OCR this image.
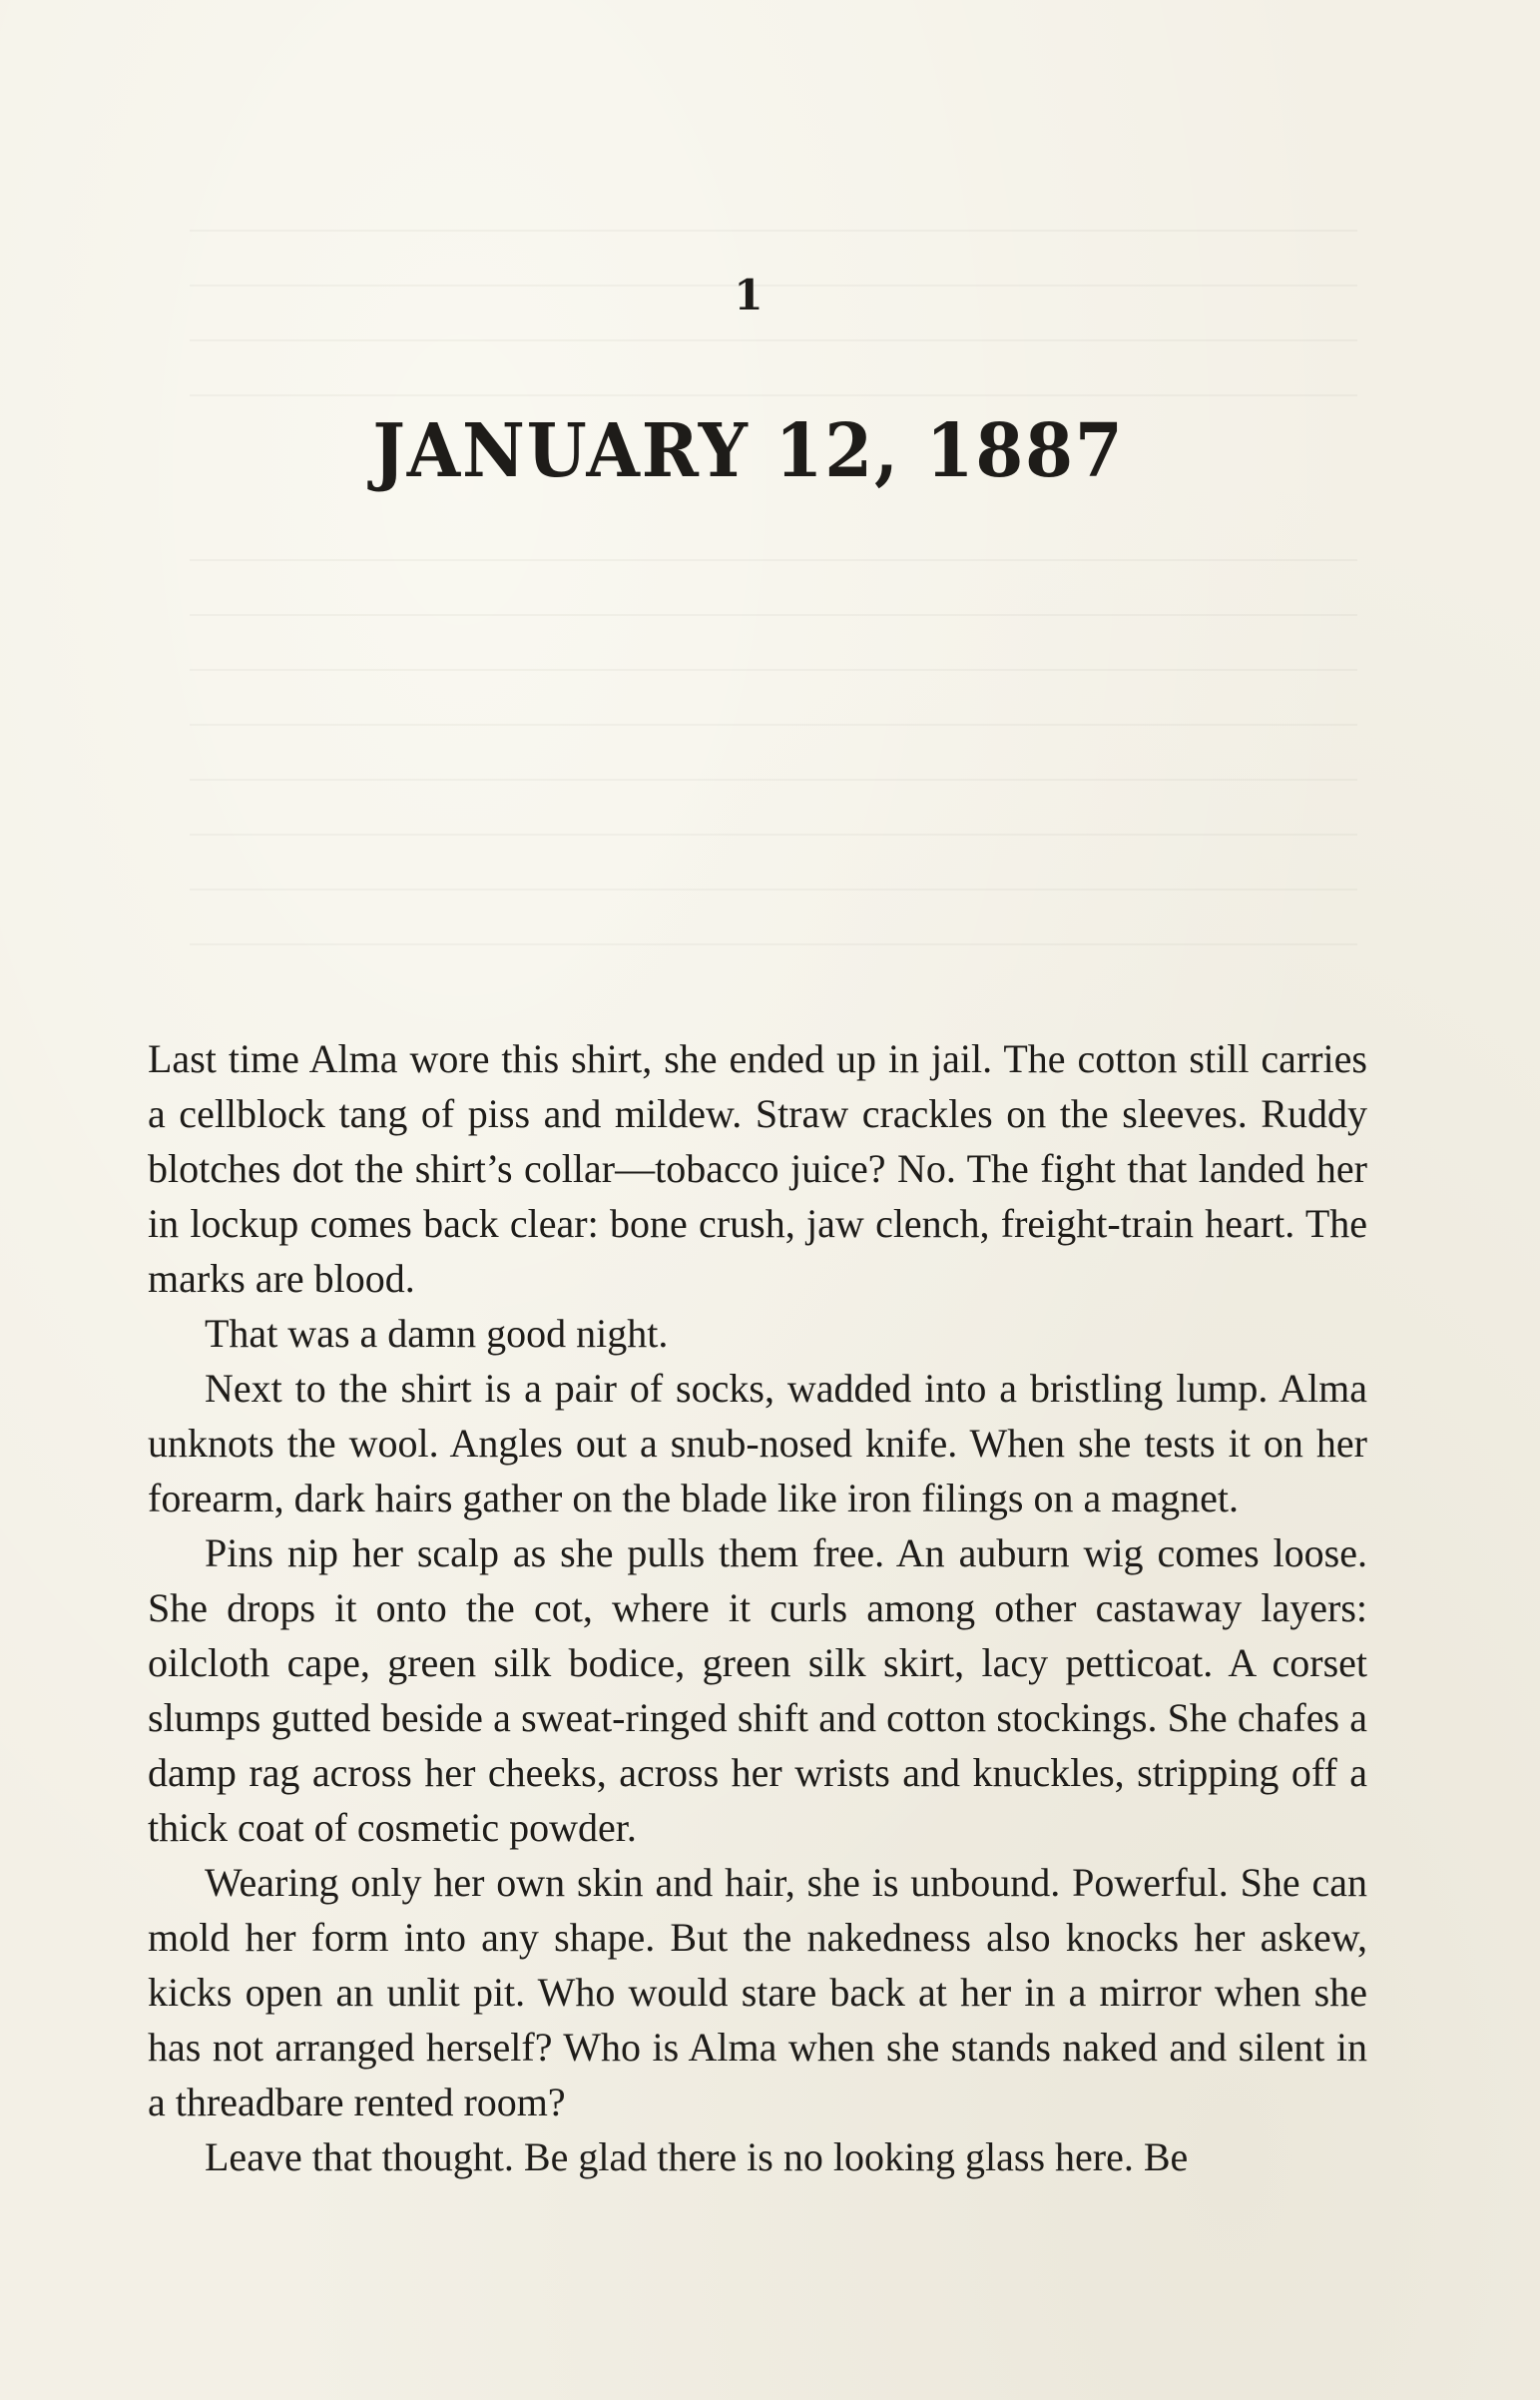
1
JANUARY 12, 1887

Last time Alma wore this shirt, she ended up in jail. The cotton still carries a cellblock tang of piss and mildew. Straw crackles on the sleeves. Ruddy blotches dot the shirt’s collar—tobacco juice? No. The fight that landed her in lockup comes back clear: bone crush, jaw clench, freight-train heart. The marks are blood.

That was a damn good night.

Next to the shirt is a pair of socks, wadded into a bristling lump. Alma unknots the wool. Angles out a snub-nosed knife. When she tests it on her forearm, dark hairs gather on the blade like iron filings on a magnet.

Pins nip her scalp as she pulls them free. An auburn wig comes loose. She drops it onto the cot, where it curls among other castaway layers: oilcloth cape, green silk bodice, green silk skirt, lacy petticoat. A corset slumps gutted beside a sweat-ringed shift and cotton stockings. She chafes a damp rag across her cheeks, across her wrists and knuckles, stripping off a thick coat of cosmetic powder.

Wearing only her own skin and hair, she is unbound. Powerful. She can mold her form into any shape. But the nakedness also knocks her askew, kicks open an unlit pit. Who would stare back at her in a mirror when she has not arranged herself? Who is Alma when she stands naked and silent in a threadbare rented room?

Leave that thought. Be glad there is no looking glass here. Be
